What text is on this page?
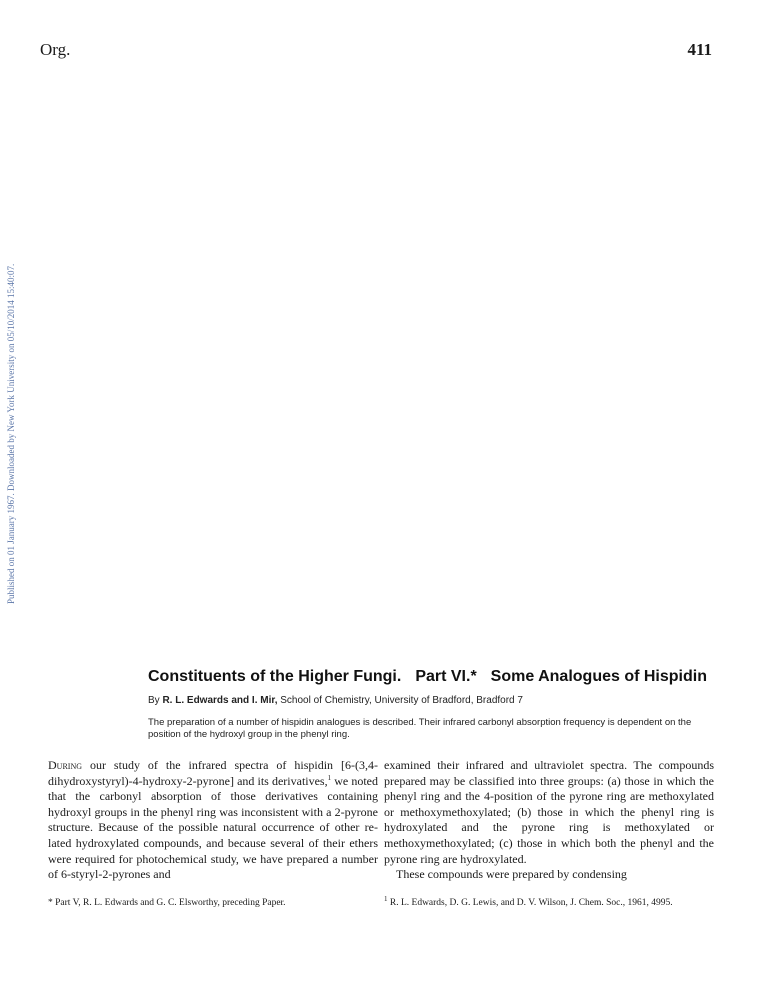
Org.	411
Published on 01 January 1967. Downloaded by New York University on 05/10/2014 15:40:07.
Constituents of the Higher Fungi. Part VI.* Some Analogues of Hispidin
By R. L. Edwards and I. Mir, School of Chemistry, University of Bradford, Bradford 7
The preparation of a number of hispidin analogues is described. Their infrared carbonyl absorption frequency is dependent on the position of the hydroxyl group in the phenyl ring.
During our study of the infrared spectra of hispidin [6-(3,4-dihydroxystyryl)-4-hydroxy-2-pyrone] and its derivatives,$^1$ we noted that the carbonyl absorption of those derivatives containing hydroxyl groups in the phenyl ring was inconsistent with a 2-pyrone structure. Because of the possible natural occurrence of other re-lated hydroxylated compounds, and because several of their ethers were required for photochemical study, we have prepared a number of 6-styryl-2-pyrones and
examined their infrared and ultraviolet spectra. The compounds prepared may be classified into three groups: (a) those in which the phenyl ring and the 4-position of the pyrone ring are methoxylated or methoxymethoxylated; (b) those in which the phenyl ring is hydroxylated and the pyrone ring is methoxylated or methoxymethoxylated; (c) those in which both the phenyl and the pyrone ring are hydroxylated.
These compounds were prepared by condensing
* Part V, R. L. Edwards and G. C. Elsworthy, preceding Paper.	$^1$ R. L. Edwards, D. G. Lewis, and D. V. Wilson, J. Chem. Soc., 1961, 4995.
